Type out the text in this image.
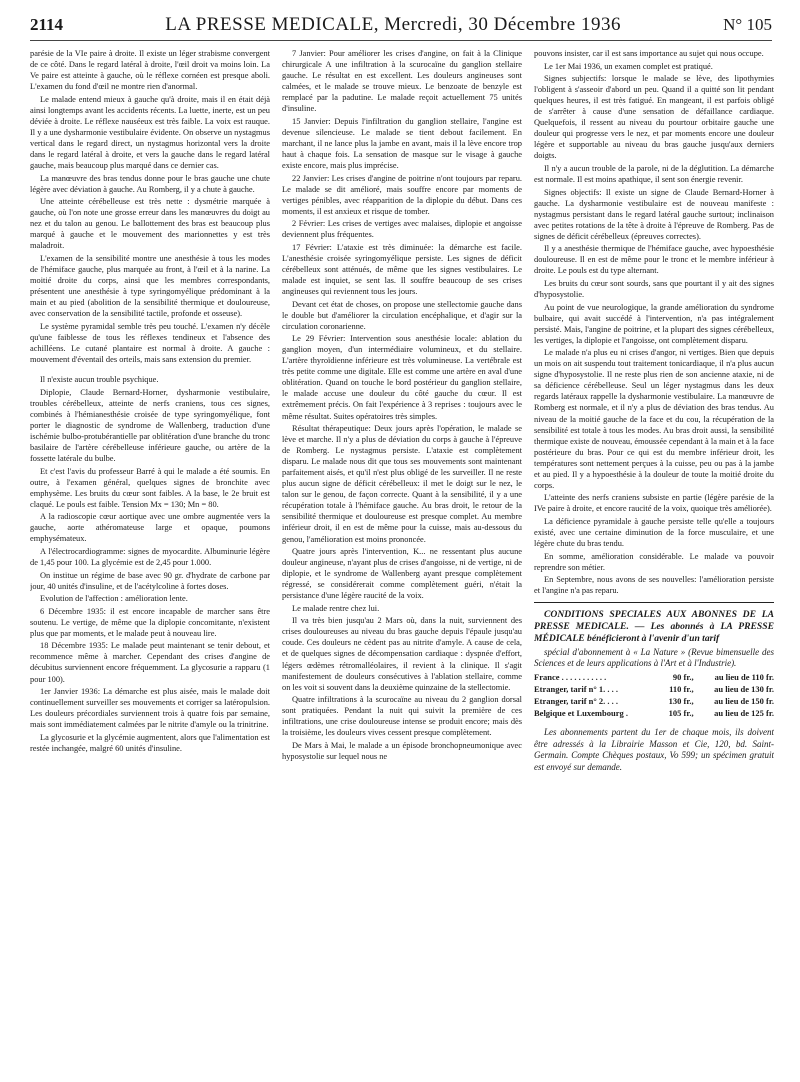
2114	LA PRESSE MEDICALE, Mercredi, 30 Décembre 1936	N° 105

parésie de la VIe paire à droite. Il existe un léger strabisme convergent de ce côté. Dans le regard latéral à droite, l'œil droit va moins loin. La Ve paire est atteinte à gauche, où le réflexe cornéen est presque aboli. L'examen du fond d'œil ne montre rien d'anormal.

Le malade entend mieux à gauche qu'à droite, mais il en était déjà ainsi longtemps avant les accidents récents. La luette, inerte, est un peu déviée à droite. Le réflexe nauséeux est très faible. La voix est rauque. Il y a une dysharmonie vestibulaire évidente. On observe un nystagmus vertical dans le regard direct, un nystagmus horizontal vers la droite dans le regard latéral à droite, et vers la gauche dans le regard latéral gauche, mais beaucoup plus marqué dans ce dernier cas.

La manœuvre des bras tendus donne pour le bras gauche une chute légère avec déviation à gauche. Au Romberg, il y a chute à gauche.

Une atteinte cérébelleuse est très nette : dysmétrie marquée à gauche, où l'on note une grosse erreur dans les manœuvres du doigt au nez et du talon au genou. Le ballottement des bras est beaucoup plus marqué à gauche et le mouvement des marionnettes y est très maladroit.

L'examen de la sensibilité montre une anesthésie à tous les modes de l'hémiface gauche, plus marquée au front, à l'œil et à la narine. La moitié droite du corps, ainsi que les membres correspondants, présentent une anesthésie à type syringomyélique prédominant à la main et au pied (abolition de la sensibilité thermique et douloureuse, avec conservation de la sensibilité tactile, profonde et osseuse).

Le système pyramidal semble très peu touché. L'examen n'y décèle qu'une faiblesse de tous les réflexes tendineux et l'absence des achilléens. Le cutané plantaire est normal à droite. A gauche : mouvement d'éventail des orteils, mais sans extension du premier.

Il n'existe aucun trouble psychique.

Diplopie, Claude Bernard-Horner, dysharmonie vestibulaire, troubles cérébelleux, atteinte de nerfs craniens, tous ces signes, combinés à l'hémianesthésie croisée de type syringomyélique, font porter le diagnostic de syndrome de Wallenberg, traduction d'une ischémie bulbo-protubérantielle par oblitération d'une branche du tronc basilaire de l'artère cérébelleuse inférieure gauche, ou artère de la fossette latérale du bulbe.

Et c'est l'avis du professeur Barré à qui le malade a été soumis. En outre, à l'examen général, quelques signes de bronchite avec emphysème. Les bruits du cœur sont faibles. A la base, le 2e bruit est claqué. Le pouls est faible. Tension Mx = 130; Mn = 80.

A la radioscopie cœur aortique avec une ombre augmentée vers la gauche, aorte athéromateuse large et opaque, poumons emphysémateux.

A l'électrocardiogramme: signes de myocardite. Albuminurie légère de 1,45 pour 100. La glycémie est de 2,45 pour 1.000.

On institue un régime de base avec 90 gr. d'hydrate de carbone par jour, 40 unités d'insuline, et de l'acétylcoline à fortes doses.

Evolution de l'affection : amélioration lente.

6 Décembre 1935: il est encore incapable de marcher sans être soutenu. Le vertige, de même que la diplopie concomitante, n'existent plus que par moments, et le malade peut à nouveau lire.

18 Décembre 1935: Le malade peut maintenant se tenir debout, et recommence même à marcher. Cependant des crises d'angine de décubitus surviennent encore fréquemment. La glycosurie a rapparu (1 pour 100).

1er Janvier 1936: La démarche est plus aisée, mais le malade doit continuellement surveiller ses mouvements et corriger sa latéropulsion. Les douleurs précordiales surviennent trois à quatre fois par semaine, mais sont immédiatement calmées par le nitrite d'amyle ou la trinitrine.

La glycosurie et la glycémie augmentent, alors que l'alimentation est restée inchangée, malgré 60 unités d'insuline.

7 Janvier: Pour améliorer les crises d'angine, on fait à la Clinique chirurgicale A une infiltration à la scurocaïne du ganglion stellaire gauche. Le résultat en est excellent. Les douleurs angineuses sont calmées, et le malade se trouve mieux. Le benzoate de benzyle est remplacé par la padutine. Le malade reçoit actuellement 75 unités d'insuline.

15 Janvier: Depuis l'infiltration du ganglion stellaire, l'angine est devenue silencieuse. Le malade se tient debout facilement. En marchant, il ne lance plus la jambe en avant, mais il la lève encore trop haut à chaque fois. La sensation de masque sur le visage à gauche existe encore, mais plus imprécise.

22 Janvier: Les crises d'angine de poitrine n'ont toujours par reparu. Le malade se dit amélioré, mais souffre encore par moments de vertiges pénibles, avec réapparition de la diplopie du début. Dans ces moments, il est anxieux et risque de tomber.

2 Février: Les crises de vertiges avec malaises, diplopie et angoisse deviennent plus fréquentes.

17 Février: L'ataxie est très diminuée: la démarche est facile. L'anesthésie croisée syringomyélique persiste. Les signes de déficit cérébelleux sont atténués, de même que les signes vestibulaires. Le malade est inquiet, se sent las. Il souffre beaucoup de ses crises angineuses qui reviennent tous les jours.

Devant cet état de choses, on propose une stellectomie gauche dans le double but d'améliorer la circulation encéphalique, et d'agir sur la circulation coronarienne.

Le 29 Février: Intervention sous anesthésie locale: ablation du ganglion moyen, d'un intermédiaire volumineux, et du stellaire. L'artère thyroïdienne inférieure est très volumineuse. La vertébrale est très petite comme une digitale. Elle est comme une artère en aval d'une oblitération. Quand on touche le bord postérieur du ganglion stellaire, le malade accuse une douleur du côté gauche du cœur. Il est extrêmement précis. On fait l'expérience à 3 reprises : toujours avec le même résultat. Suites opératoires très simples.

Résultat thérapeutique: Deux jours après l'opération, le malade se lève et marche. Il n'y a plus de déviation du corps à gauche à l'épreuve de Romberg. Le nystagmus persiste. L'ataxie est complètement disparu. Le malade nous dit que tous ses mouvements sont maintenant parfaitement aisés, et qu'il n'est plus obligé de les surveiller. Il ne reste plus aucun signe de déficit cérébelleux: il met le doigt sur le nez, le talon sur le genou, de façon correcte. Quant à la sensibilité, il y a une récupération totale à l'hémiface gauche. Au bras droit, le retour de la sensibilité thermique et douloureuse est presque complet. Au membre inférieur droit, il en est de même pour la cuisse, mais au-dessous du genou, l'amélioration est moins prononcée.

Quatre jours après l'intervention, K... ne ressentant plus aucune douleur angineuse, n'ayant plus de crises d'angoisse, ni de vertige, ni de diplopie, et le syndrome de Wallenberg ayant presque complètement régressé, se considérerait comme complètement guéri, n'était la persistance d'une légère raucité de la voix.

Le malade rentre chez lui.

Il va très bien jusqu'au 2 Mars où, dans la nuit, surviennent des crises douloureuses au niveau du bras gauche depuis l'épaule jusqu'au coude. Ces douleurs ne cèdent pas au nitrite d'amyle. A cause de cela, et de quelques signes de décompensation cardiaque : dyspnée d'effort, légers œdèmes rétromalléolaires, il revient à la clinique. Il s'agit manifestement de douleurs consécutives à l'ablation stellaire, comme on les voit si souvent dans la deuxième quinzaine de la stellectomie.

Quatre infiltrations à la scurocaïne au niveau du 2 ganglion dorsal sont pratiquées. Pendant la nuit qui suivit la première de ces infiltrations, une crise douloureuse intense se produit encore; mais dès la troisième, les douleurs vives cessent presque complètement.

De Mars à Mai, le malade a un épisode bronchopneumonique avec hyposystolie sur lequel nous ne

pouvons insister, car il est sans importance au sujet qui nous occupe.

Le 1er Mai 1936, un examen complet est pratiqué.

Signes subjectifs: lorsque le malade se lève, des lipothymies l'obligent à s'asseoir d'abord un peu. Quand il a quitté son lit pendant quelques heures, il est très fatigué. En mangeant, il est parfois obligé de s'arrêter à cause d'une sensation de défaillance cardiaque. Quelquefois, il ressent au niveau du pourtour orbitaire gauche une douleur qui progresse vers le nez, et par moments encore une douleur légère et supportable au niveau du bras gauche jusqu'aux derniers doigts.

Il n'y a aucun trouble de la parole, ni de la déglutition. La démarche est normale. Il est moins apathique, il sent son énergie revenir.

Signes objectifs: Il existe un signe de Claude Bernard-Horner à gauche. La dysharmonie vestibulaire est de nouveau manifeste : nystagmus persistant dans le regard latéral gauche surtout; inclinaison avec petites rotations de la tête à droite à l'épreuve de Romberg. Pas de signes de déficit cérébelleux (épreuves correctes).

Il y a anesthésie thermique de l'hémiface gauche, avec hypoesthésie douloureuse. Il en est de même pour le tronc et le membre inférieur à droite. Le pouls est du type alternant.

Les bruits du cœur sont sourds, sans que pourtant il y ait des signes d'hyposystolie.

Au point de vue neurologique, la grande amélioration du syndrome bulbaire, qui avait succédé à l'intervention, n'a pas intégralement persisté. Mais, l'angine de poitrine, et la plupart des signes cérébelleux, les vertiges, la diplopie et l'angoisse, ont complètement disparu.

Le malade n'a plus eu ni crises d'angor, ni vertiges. Bien que depuis un mois on ait suspendu tout traitement tonicardiaque, il n'a plus aucun signe d'hyposystolie. Il ne reste plus rien de son ancienne ataxie, ni de sa déficience cérébelleuse. Seul un léger nystagmus dans les deux regards latéraux rappelle la dysharmonie vestibulaire. La manœuvre de Romberg est normale, et il n'y a plus de déviation des bras tendus. Au niveau de la moitié gauche de la face et du cou, la récupération de la sensibilité est totale à tous les modes. Au bras droit aussi, la sensibilité thermique existe de nouveau, émoussée cependant à la main et à la face postérieure du bras. Pour ce qui est du membre inférieur droit, les températures sont nettement perçues à la cuisse, peu ou pas à la jambe et au pied. Il y a hypoesthésie à la douleur de toute la moitié droite du corps.

L'atteinte des nerfs craniens subsiste en partie (légère parésie de la IVe paire à droite, et encore raucité de la voix, quoique très améliorée).

La déficience pyramidale à gauche persiste telle qu'elle a toujours existé, avec une certaine diminution de la force musculaire, et une légère chute du bras tendu.

En somme, amélioration considérable. Le malade va pouvoir reprendre son métier.

En Septembre, nous avons de ses nouvelles: l'amélioration persiste et l'angine n'a pas reparu.

CONDITIONS SPECIALES AUX ABONNES DE LA PRESSE MEDICALE. — Les abonnés à LA PRESSE MÉDICALE bénéficieront à l'avenir d'un tarif

spécial d'abonnement à « La Nature » (Revue bimensuelle des Sciences et de leurs applications à l'Art et à l'Industrie).

France . . . . . . . . . . .	90 fr.,	au lieu de 110 fr.
Etranger, tarif n° 1. . . .	110 fr.,	au lieu de 130 fr.
Etranger, tarif n° 2. . . .	130 fr.,	au lieu de 150 fr.
Belgique et Luxembourg .	105 fr.,	au lieu de 125 fr.

Les abonnements partent du 1er de chaque mois, ils doivent être adressés à la Librairie Masson et Cie, 120, bd. Saint-Germain. Compte Chèques postaux, Vo 599; un spécimen gratuit est envoyé sur demande.
